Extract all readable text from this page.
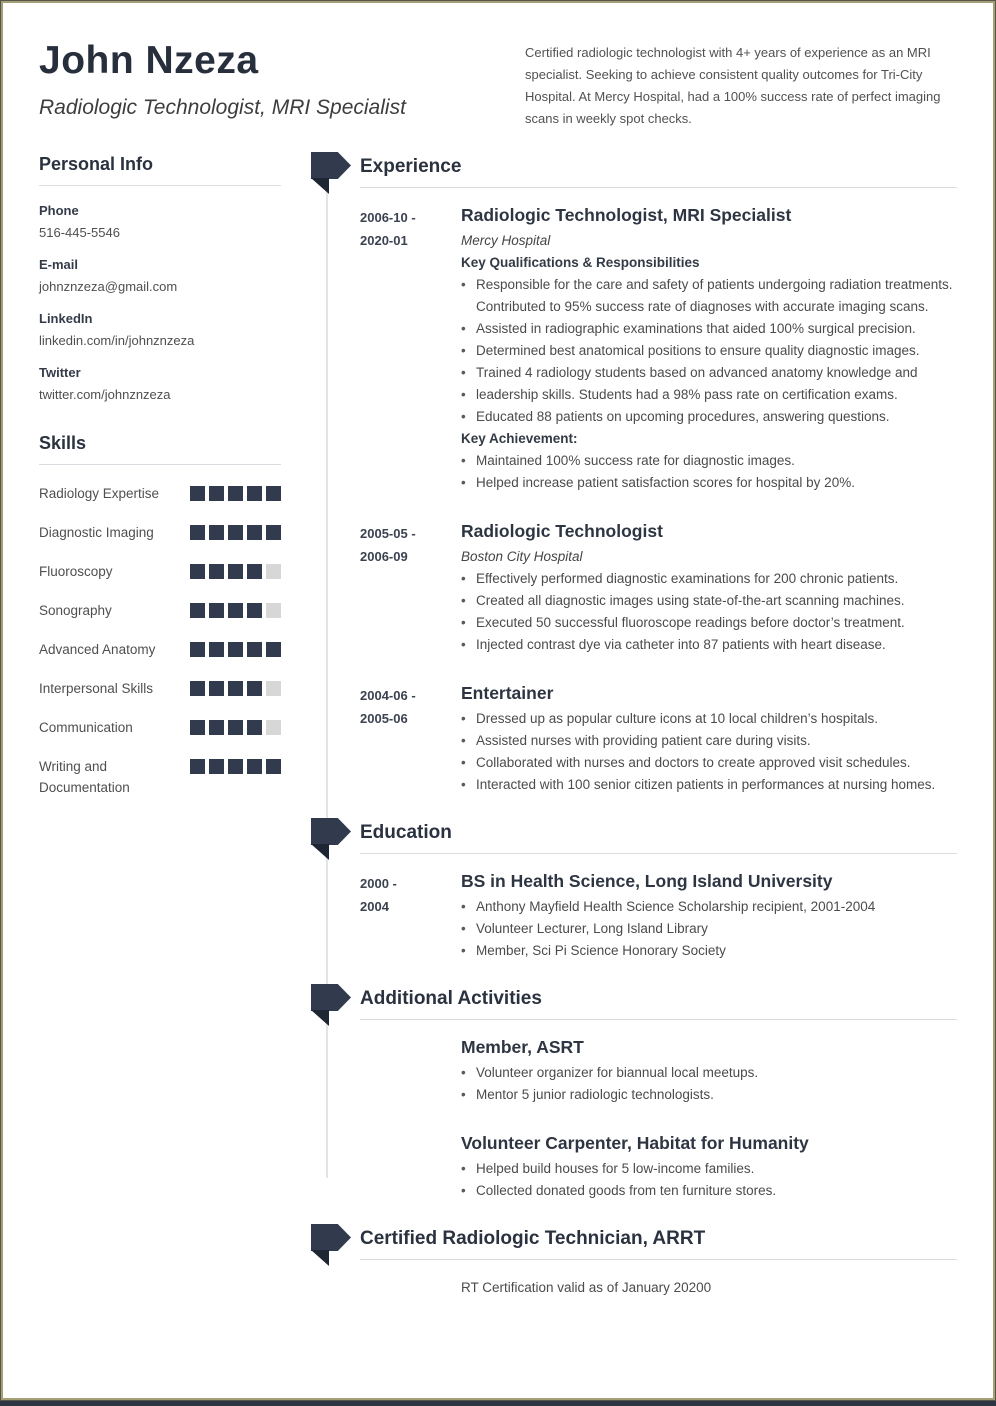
John Nzeza
Radiologic Technologist, MRI Specialist
Certified radiologic technologist with 4+ years of experience as an MRI specialist. Seeking to achieve consistent quality outcomes for Tri-City Hospital. At Mercy Hospital, had a 100% success rate of perfect imaging scans in weekly spot checks.
Personal Info
Phone
516-445-5546
E-mail
johnznzeza@gmail.com
LinkedIn
linkedin.com/in/johnznzeza
Twitter
twitter.com/johnznzeza
Skills
Radiology Expertise
Diagnostic Imaging
Fluoroscopy
Sonography
Advanced Anatomy
Interpersonal Skills
Communication
Writing and Documentation
Experience
2006-10 -
2020-01
Radiologic Technologist, MRI Specialist
Mercy Hospital
Key Qualifications & Responsibilities
• Responsible for the care and safety of patients undergoing radiation treatments. Contributed to 95% success rate of diagnoses with accurate imaging scans.
• Assisted in radiographic examinations that aided 100% surgical precision.
• Determined best anatomical positions to ensure quality diagnostic images.
• Trained 4 radiology students based on advanced anatomy knowledge and
• leadership skills. Students had a 98% pass rate on certification exams.
• Educated 88 patients on upcoming procedures, answering questions.
Key Achievement:
• Maintained 100% success rate for diagnostic images.
• Helped increase patient satisfaction scores for hospital by 20%.
2005-05 -
2006-09
Radiologic Technologist
Boston City Hospital
• Effectively performed diagnostic examinations for 200 chronic patients.
• Created all diagnostic images using state-of-the-art scanning machines.
• Executed 50 successful fluoroscope readings before doctor’s treatment.
• Injected contrast dye via catheter into 87 patients with heart disease.
2004-06 -
2005-06
Entertainer
• Dressed up as popular culture icons at 10 local children’s hospitals.
• Assisted nurses with providing patient care during visits.
• Collaborated with nurses and doctors to create approved visit schedules.
• Interacted with 100 senior citizen patients in performances at nursing homes.
Education
2000 -
2004
BS in Health Science, Long Island University
• Anthony Mayfield Health Science Scholarship recipient, 2001-2004
• Volunteer Lecturer, Long Island Library
• Member, Sci Pi Science Honorary Society
Additional Activities
Member, ASRT
• Volunteer organizer for biannual local meetups.
• Mentor 5 junior radiologic technologists.
Volunteer Carpenter, Habitat for Humanity
• Helped build houses for 5 low-income families.
• Collected donated goods from ten furniture stores.
Certified Radiologic Technician, ARRT
RT Certification valid as of January 20200
